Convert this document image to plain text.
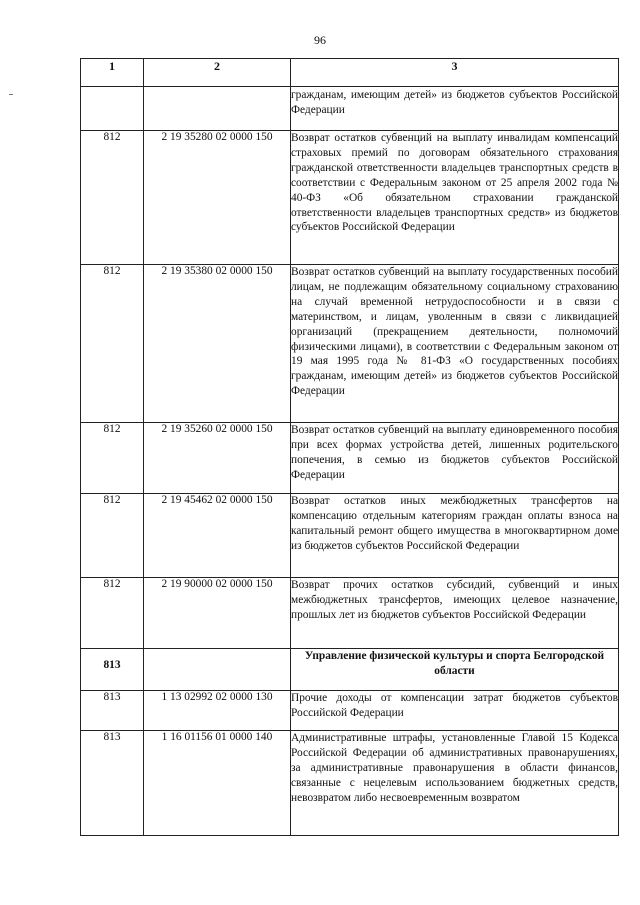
96
1	2	3
		гражданам, имеющим детей» из бюджетов субъектов Российской Федерации
812	2 19 35280 02 0000 150	Возврат остатков субвенций на выплату инвалидам компенсаций страховых премий по договорам обязательного страхования гражданской ответственности владельцев транспортных средств в соответствии с Федеральным законом от 25 апреля 2002 года № 40-ФЗ «Об обязательном страховании гражданской ответственности владельцев транспортных средств» из бюджетов субъектов Российской Федерации
812	2 19 35380 02 0000 150	Возврат остатков субвенций на выплату государственных пособий лицам, не подлежащим обязательному социальному страхованию на случай временной нетрудоспособности и в связи с материнством, и лицам, уволенным в связи с ликвидацией организаций (прекращением деятельности, полномочий физическими лицами), в соответствии с Федеральным законом от 19 мая 1995 года № 81-ФЗ «О государственных пособиях гражданам, имеющим детей» из бюджетов субъектов Российской Федерации
812	2 19 35260 02 0000 150	Возврат остатков субвенций на выплату единовременного пособия при всех формах устройства детей, лишенных родительского попечения, в семью из бюджетов субъектов Российской Федерации
812	2 19 45462 02 0000 150	Возврат остатков иных межбюджетных трансфертов на компенсацию отдельным категориям граждан оплаты взноса на капитальный ремонт общего имущества в многоквартирном доме из бюджетов субъектов Российской Федерации
812	2 19 90000 02 0000 150	Возврат прочих остатков субсидий, субвенций и иных межбюджетных трансфертов, имеющих целевое назначение, прошлых лет из бюджетов субъектов Российской Федерации
813		Управление физической культуры и спорта Белгородской области
813	1 13 02992 02 0000 130	Прочие доходы от компенсации затрат бюджетов субъектов Российской Федерации
813	1 16 01156 01 0000 140	Административные штрафы, установленные Главой 15 Кодекса Российской Федерации об административных правонарушениях, за административные правонарушения в области финансов, связанные с нецелевым использованием бюджетных средств, невозвратом либо несвоевременным возвратом
